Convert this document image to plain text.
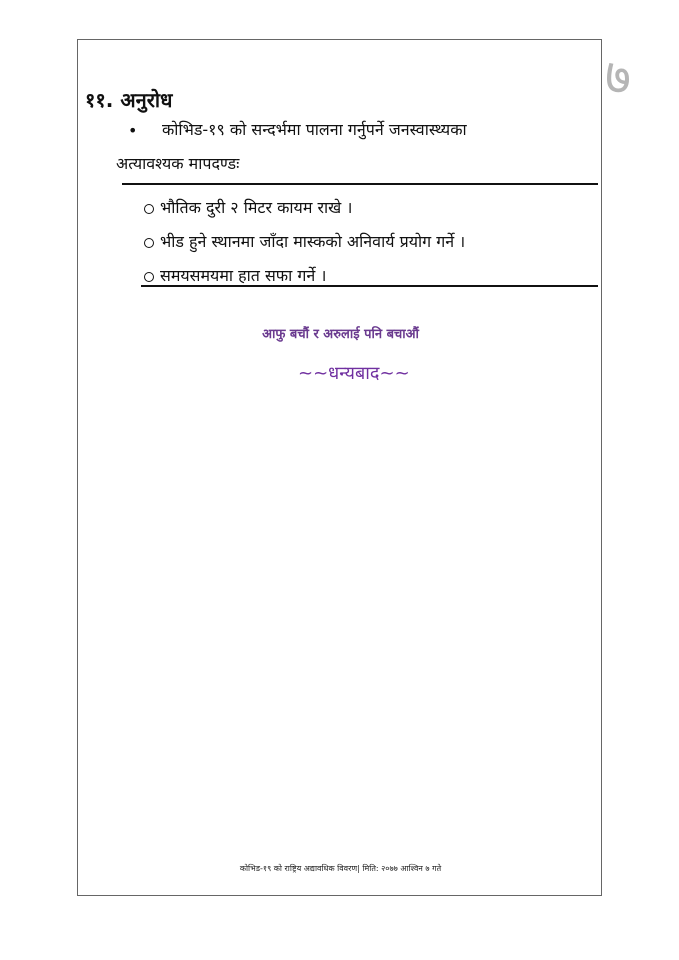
११. अनुरोध
• कोभिड-१९ को सन्दर्भमा पालना गर्नुपर्ने जनस्वास्थ्यका
अत्यावश्यक मापदण्डः
भौतिक दुरी २ मिटर कायम राखे ।
भीड हुने स्थानमा जाँदा मास्कको अनिवार्य प्रयोग गर्ने ।
समयसमयमा हात सफा गर्ने ।
आफु बचौं र अरुलाई पनि बचाऔं
~~धन्यबाद~~
कोभिड-१९ को राष्ट्रिय अद्यावधिक विवरण| मिति: २०७७ आश्विन ७ गते
७
